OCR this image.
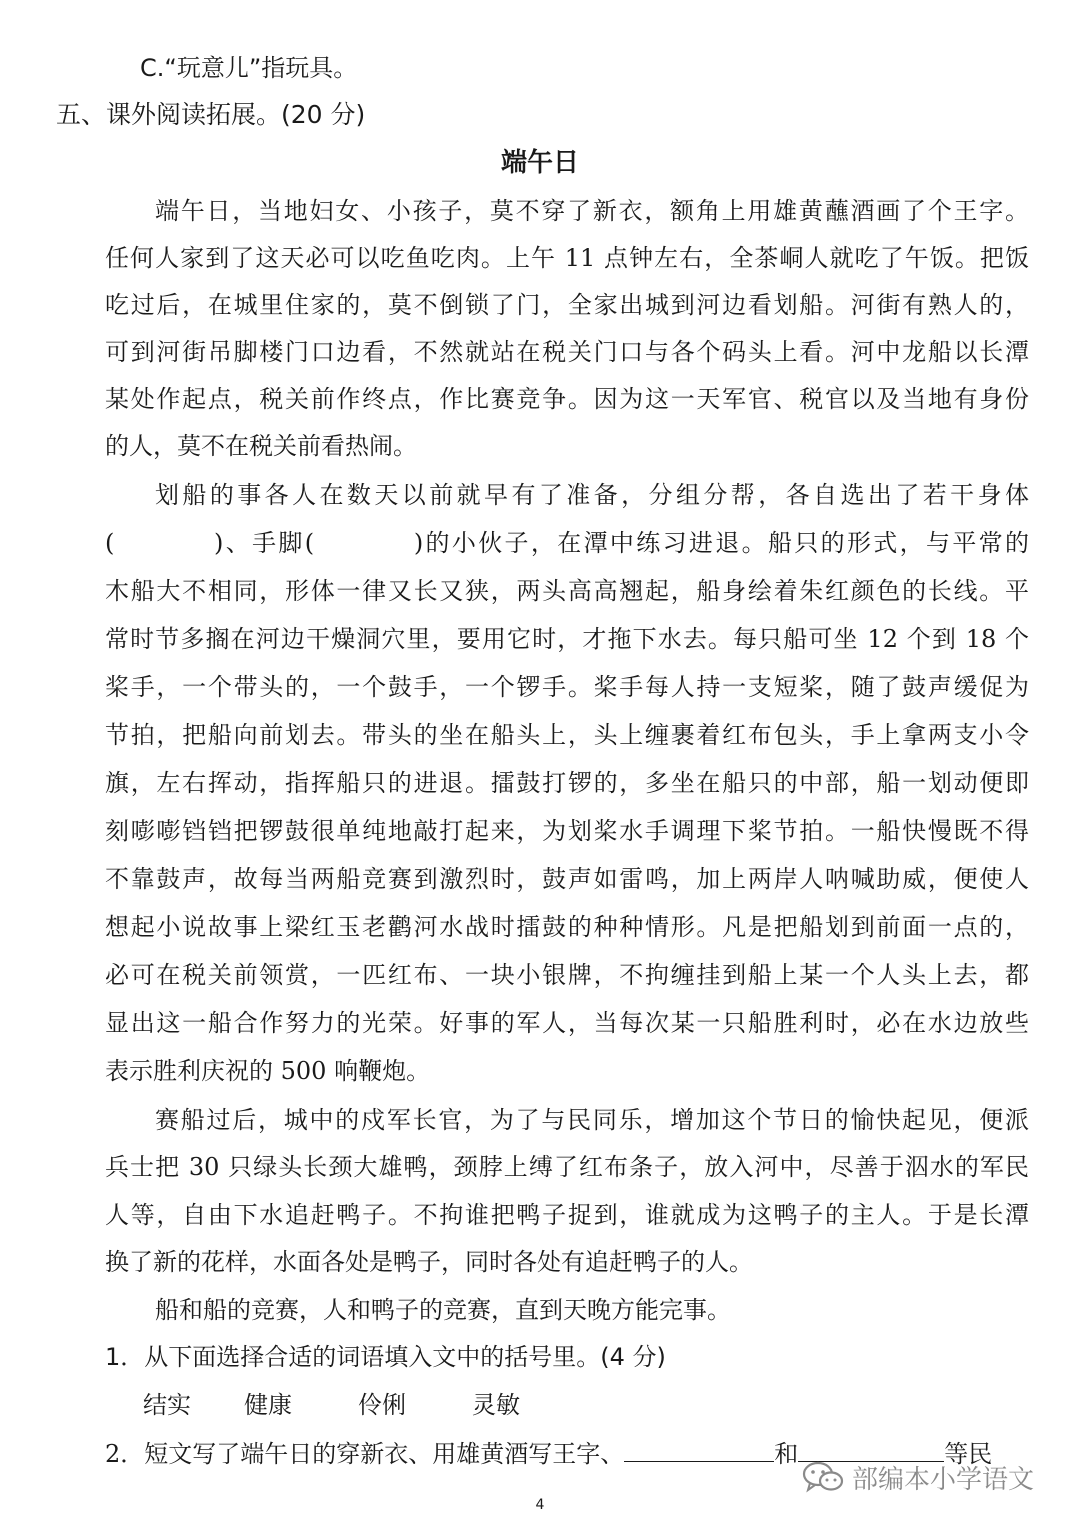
C.“玩意儿”指玩具。
五、课外阅读拓展。(20 分)
端午日
端午日，当地妇女、小孩子，莫不穿了新衣，额角上用雄黄蘸酒画了个王字。
任何人家到了这天必可以吃鱼吃肉。上午 11 点钟左右，全茶峒人就吃了午饭。把饭
吃过后，在城里住家的，莫不倒锁了门，全家出城到河边看划船。河街有熟人的，
可到河街吊脚楼门口边看，不然就站在税关门口与各个码头上看。河中龙船以长潭
某处作起点，税关前作终点，作比赛竞争。因为这一天军官、税官以及当地有身份
的人，莫不在税关前看热闹。
划船的事各人在数天以前就早有了准备，分组分帮，各自选出了若干身体
(          )、手脚(          )的小伙子，在潭中练习进退。船只的形式，与平常的
木船大不相同，形体一律又长又狭，两头高高翘起，船身绘着朱红颜色的长线。平
常时节多搁在河边干燥洞穴里，要用它时，才拖下水去。每只船可坐 12 个到 18 个
桨手，一个带头的，一个鼓手，一个锣手。桨手每人持一支短桨，随了鼓声缓促为
节拍，把船向前划去。带头的坐在船头上，头上缠裹着红布包头，手上拿两支小令
旗，左右挥动，指挥船只的进退。擂鼓打锣的，多坐在船只的中部，船一划动便即
刻嘭嘭铛铛把锣鼓很单纯地敲打起来，为划桨水手调理下桨节拍。一船快慢既不得
不靠鼓声，故每当两船竞赛到激烈时，鼓声如雷鸣，加上两岸人呐喊助威，便使人
想起小说故事上梁红玉老鹳河水战时擂鼓的种种情形。凡是把船划到前面一点的，
必可在税关前领赏，一匹红布、一块小银牌，不拘缠挂到船上某一个人头上去，都
显出这一船合作努力的光荣。好事的军人，当每次某一只船胜利时，必在水边放些
表示胜利庆祝的 500 响鞭炮。
赛船过后，城中的戍军长官，为了与民同乐，增加这个节日的愉快起见，便派
兵士把 30 只绿头长颈大雄鸭，颈脖上缚了红布条子，放入河中，尽善于泅水的军民
人等，自由下水追赶鸭子。不拘谁把鸭子捉到，谁就成为这鸭子的主人。于是长潭
换了新的花样，水面各处是鸭子，同时各处有追赶鸭子的人。
船和船的竞赛，人和鸭子的竞赛，直到天晚方能完事。
1．从下面选择合适的词语填入文中的括号里。(4 分)
结实 健康	伶俐	灵敏
2．短文写了端午日的穿新衣、用雄黄酒写王字、	和	等民
4
部编本小学语文
